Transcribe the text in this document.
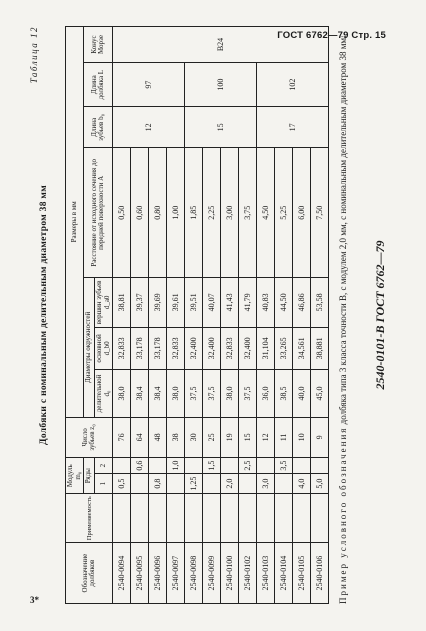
ГОСТ 6762—79 Стр. 15
Таблица 12
Долбяки с номинальным делительным диаметром 38 мм
Обозначение долбяков	Применяемость	Модуль m₀		Число зубьев z₀	Размеры в мм						
		Ряды			Диаметры окружностей			Расстояние от исходного сечения до передней поверхности A	Длина зубьев b₀	Длина долбяка L	Конус Морзе
		1	2		делительной d₀	основной d_b0	вершин зубьев d_a0				
2540-0094		0,5		76	38,0	32,833	38,81	0,50	12	97	В24
2540-0095			0,6	64	38,4	33,178	39,37	0,60			
2540-0096		0,8		48	38,4	33,178	39,69	0,80			
2540-0097			1,0	38	38,0	32,833	39,61	1,00			
2540-0098		1,25		30	37,5	32,400	39,51	1,85	15	100	
2540-0099			1,5	25	37,5	32,400	40,07	2,25			
2540-0100		2,0		19	38,0	32,833	41,43	3,00			
2540-0102			2,5	15	37,5	32,400	41,79	3,75			
2540-0103		3,0		12	36,0	31,104	40,83	4,50	17	102	
2540-0104			3,5	11	38,5	33,265	44,50	5,25			
2540-0105		4,0		10	40,0	34,561	46,86	6,00			
2540-0106		5,0		9	45,0	38,881	53,58	7,50			
Пример условного обозначения долбяка типа 3 класса точности В, с модулем 2,0 мм, с номинальным делительным диаметром 38 мм: 2540-0101-В ГОСТ 6762—79
3*
